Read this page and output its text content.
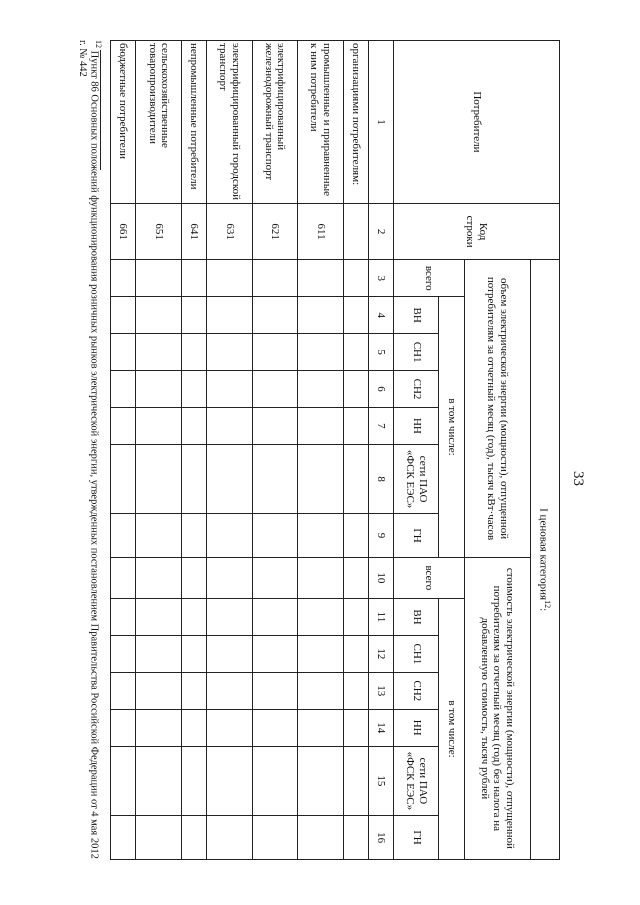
33
Потребители	Код строки	I ценовая категория$^{12}$:													
		объем электрической энергии (мощности), отпущенной потребителям за отчетный месяц (год), тысяч кВт·часов							стоимость электрической энергии (мощности), отпущенной потребителям за отчетный месяц (год) без налога на добавленную стоимость, тысяч рублей						
		всего	в том числе:						всего	в том числе:					
			ВН	СН1	СН2	НН	сети ПАО «ФСК ЕЭС»	ГН		ВН	СН1	СН2	НН	сети ПАО «ФСК ЕЭС»	ГН
1	2	3	4	5	6	7	8	9	10	11	12	13	14	15	16
организациями потребителям:															
промышленные и приравненные к ним потребители	611														
электрифицированный железнодорожный транспорт	621														
электрифицированный городской транспорт	631														
непромышленные потребители	641														
сельскохозяйственные товаропроизводители	651														
бюджетные потребители	661														
$^{12}$ Пункт 86 Основных положений функционирования розничных рынков электрической энергии, утвержденных постановлением Правительства Российской Федерации от 4 мая 2012 г. № 442
